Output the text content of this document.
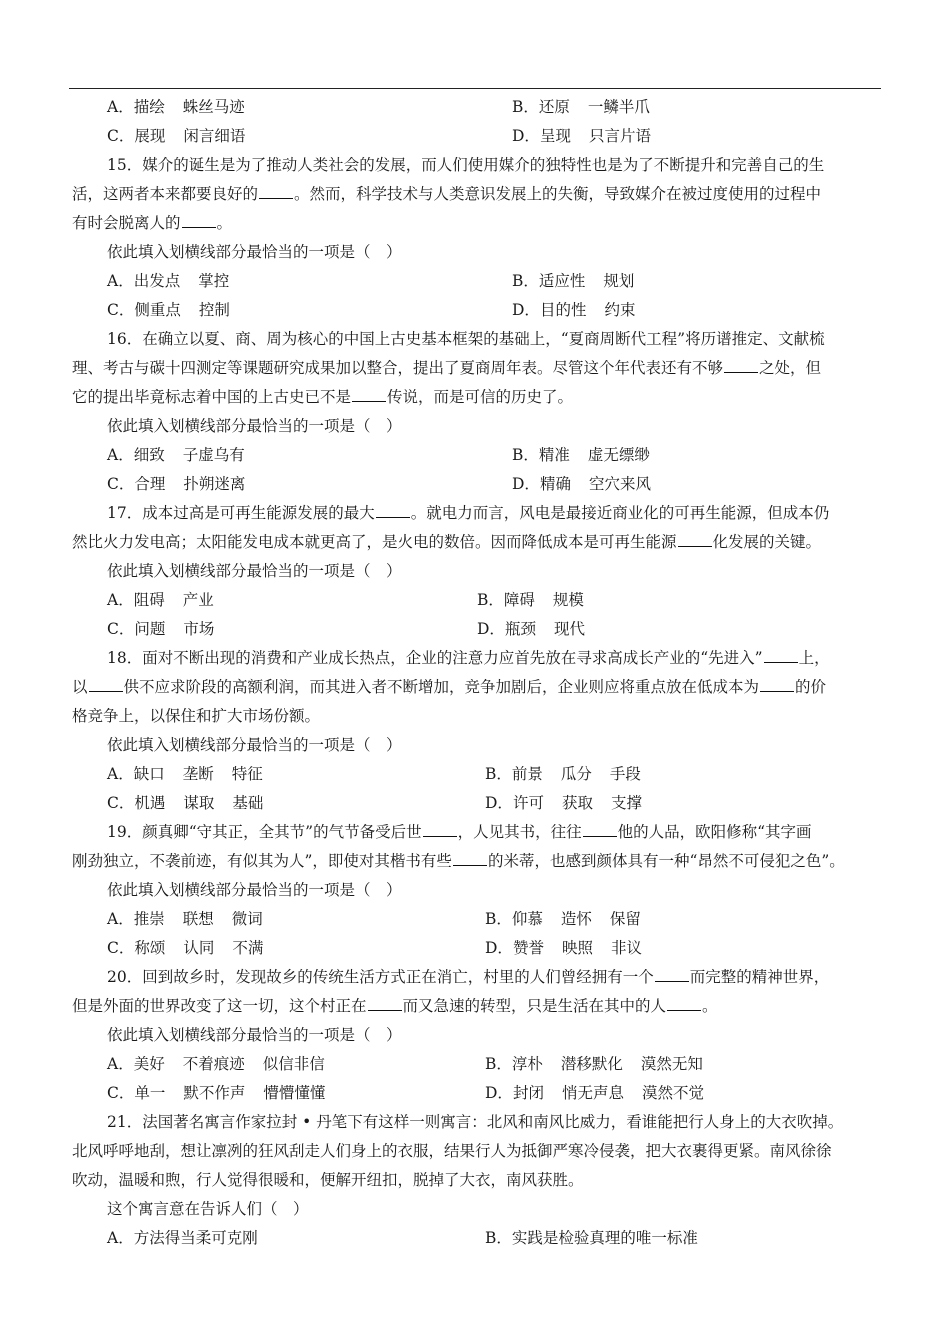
A．描绘 蛛丝马迹	B．还原 一鳞半爪
C．展现 闲言细语	D．呈现 只言片语
15．媒介的诞生是为了推动人类社会的发展，而人们使用媒介的独特性也是为了不断提升和完善自己的生
活，这两者本来都要良好的 。然而，科学技术与人类意识发展上的失衡，导致媒介在被过度使用的过程中
有时会脱离人的 。
依此填入划横线部分最恰当的一项是（　）
A．出发点 掌控	B．适应性 规划
C．侧重点 控制	D．目的性 约束
16．在确立以夏、商、周为核心的中国上古史基本框架的基础上，“夏商周断代工程”将历谱推定、文献梳
理、考古与碳十四测定等课题研究成果加以整合，提出了夏商周年表。尽管这个年代表还有不够 之处，但
它的提出毕竟标志着中国的上古史已不是 传说，而是可信的历史了。
依此填入划横线部分最恰当的一项是（　）
A．细致 子虚乌有	B．精准 虚无缥缈
C．合理 扑朔迷离	D．精确 空穴来风
17．成本过高是可再生能源发展的最大 。就电力而言，风电是最接近商业化的可再生能源，但成本仍
然比火力发电高；太阳能发电成本就更高了，是火电的数倍。因而降低成本是可再生能源 化发展的关键。
依此填入划横线部分最恰当的一项是（　）
A．阻碍 产业	B．障碍 规模
C．问题 市场	D．瓶颈 现代
18．面对不断出现的消费和产业成长热点，企业的注意力应首先放在寻求高成长产业的“先进入” 上，
以 供不应求阶段的高额利润，而其进入者不断增加，竞争加剧后，企业则应将重点放在低成本为 的价
格竞争上，以保住和扩大市场份额。
依此填入划横线部分最恰当的一项是（　）
A．缺口 垄断 特征	B．前景 瓜分 手段
C．机遇 谋取 基础	D．许可 获取 支撑
19．颜真卿“守其正，全其节”的气节备受后世 ，人见其书，往往 他的人品，欧阳修称“其字画
刚劲独立，不袭前迹，有似其为人”，即使对其楷书有些 的米蒂，也感到颜体具有一种“昂然不可侵犯之色”。
依此填入划横线部分最恰当的一项是（　）
A．推崇 联想 微词	B．仰慕 造怀 保留
C．称颂 认同 不满	D．赞誉 映照 非议
20．回到故乡时，发现故乡的传统生活方式正在消亡，村里的人们曾经拥有一个 而完整的精神世界，
但是外面的世界改变了这一切，这个村正在 而又急速的转型，只是生活在其中的人 。
依此填入划横线部分最恰当的一项是（　）
A．美好 不着痕迹 似信非信	B．淳朴 潜移默化 漠然无知
C．单一 默不作声 懵懵懂懂	D．封闭 悄无声息 漠然不觉
21．法国著名寓言作家拉封 • 丹笔下有这样一则寓言：北风和南风比威力，看谁能把行人身上的大衣吹掉。
北风呼呼地刮，想让凛冽的狂风刮走人们身上的衣服，结果行人为抵御严寒冷侵袭，把大衣裹得更紧。南风徐徐
吹动，温暖和煦，行人觉得很暖和，便解开纽扣，脱掉了大衣，南风获胜。
这个寓言意在告诉人们（　）
A．方法得当柔可克刚	B．实践是检验真理的唯一标准
